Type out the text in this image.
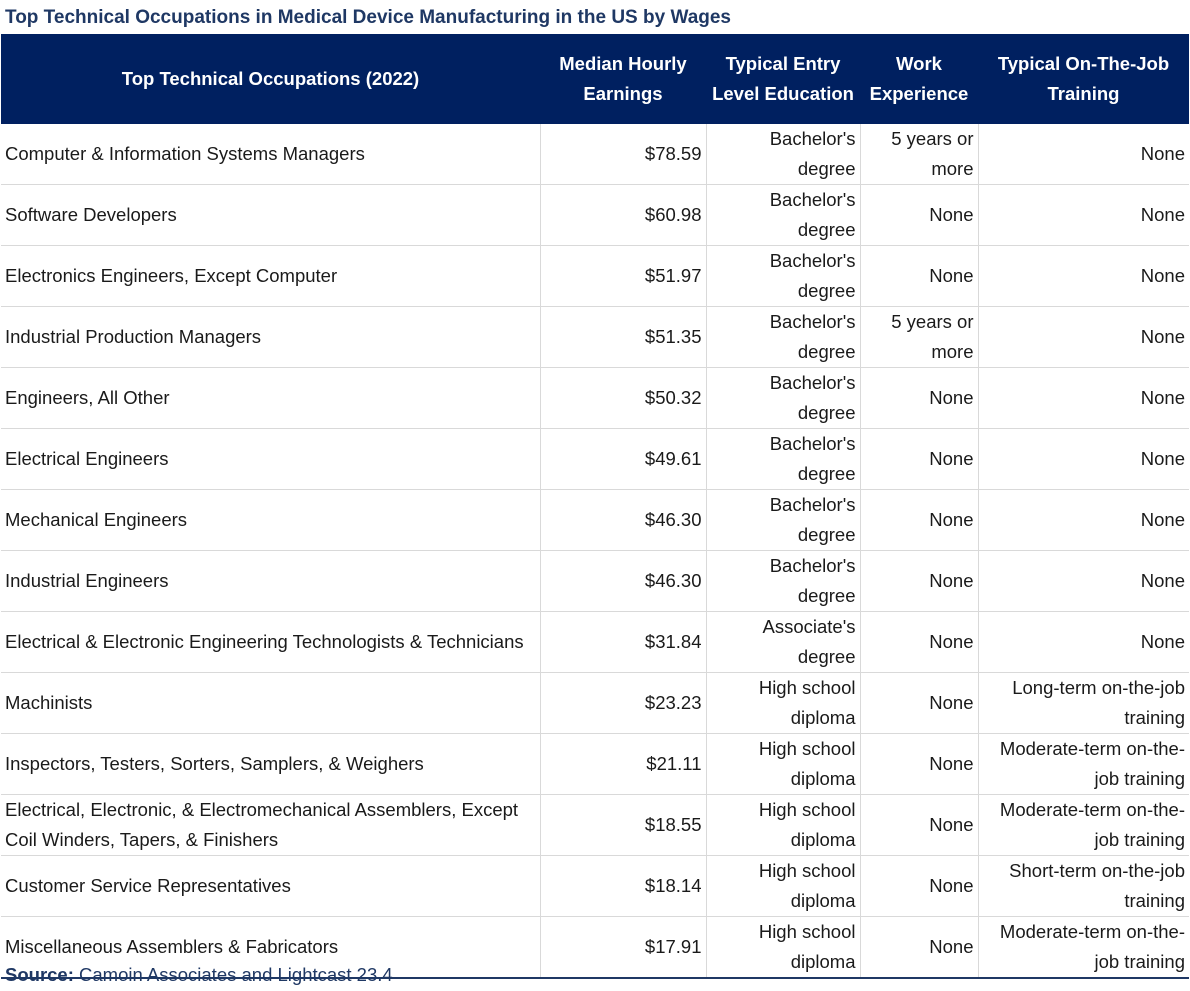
Top Technical Occupations in Medical Device Manufacturing in the US by Wages
Top Technical Occupations (2022)	Median Hourly Earnings	Typical Entry Level Education	Work Experience	Typical On-The-Job Training
Computer & Information Systems Managers	$78.59	Bachelor's degree	5 years or more	None
Software Developers	$60.98	Bachelor's degree	None	None
Electronics Engineers, Except Computer	$51.97	Bachelor's degree	None	None
Industrial Production Managers	$51.35	Bachelor's degree	5 years or more	None
Engineers, All Other	$50.32	Bachelor's degree	None	None
Electrical Engineers	$49.61	Bachelor's degree	None	None
Mechanical Engineers	$46.30	Bachelor's degree	None	None
Industrial Engineers	$46.30	Bachelor's degree	None	None
Electrical & Electronic Engineering Technologists & Technicians	$31.84	Associate's degree	None	None
Machinists	$23.23	High school diploma	None	Long-term on-the-job training
Inspectors, Testers, Sorters, Samplers, & Weighers	$21.11	High school diploma	None	Moderate-term on-the-job training
Electrical, Electronic, & Electromechanical Assemblers, Except Coil Winders, Tapers, & Finishers	$18.55	High school diploma	None	Moderate-term on-the-job training
Customer Service Representatives	$18.14	High school diploma	None	Short-term on-the-job training
Miscellaneous Assemblers & Fabricators	$17.91	High school diploma	None	Moderate-term on-the-job training
Source: Camoin Associates and Lightcast 23.4
